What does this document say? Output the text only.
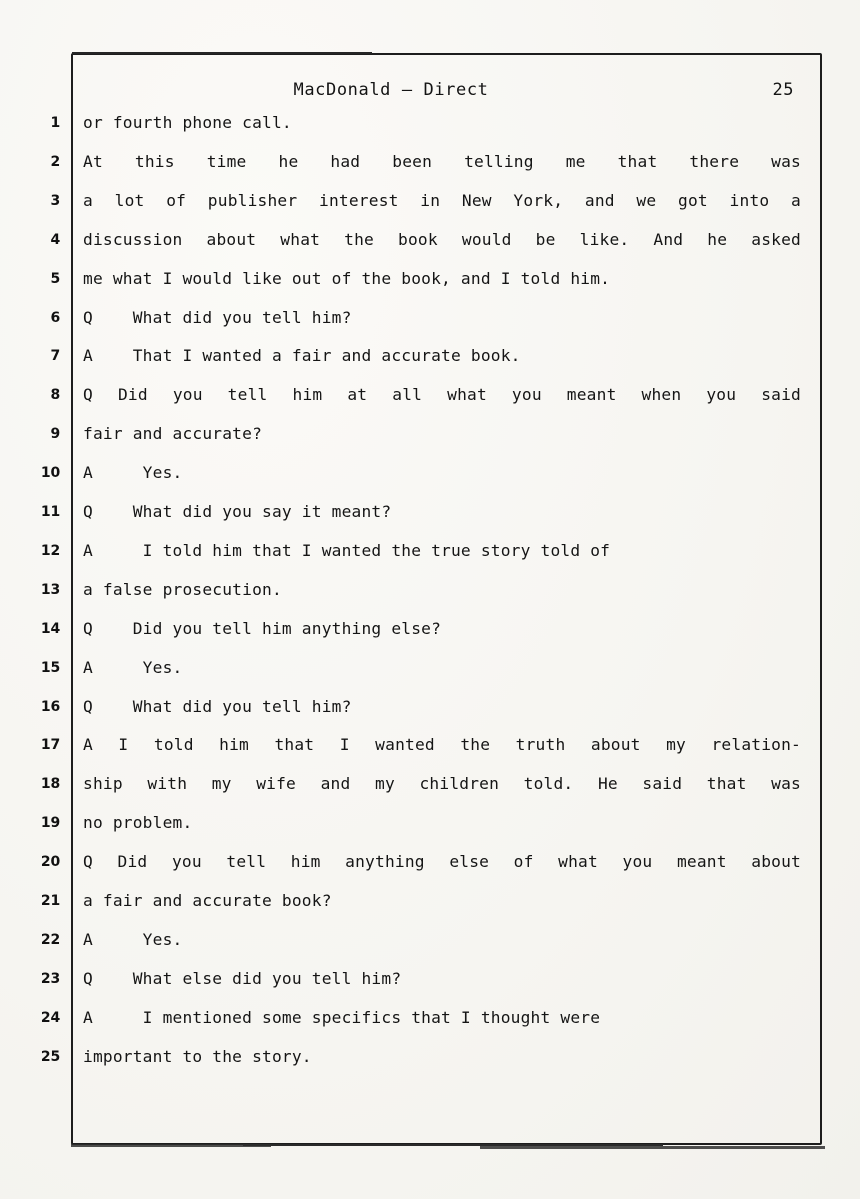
MacDonald – Direct	25
1
2
3
4
5
6
7
8
9
10
11
12
13
14
15
16
17
18
19
20
21
22
23
24
25
or fourth phone call.
At this time he had been telling me that there was
a lot of publisher interest in New York, and we got into a
discussion about what the book would be like. And he asked
me what I would like out of the book, and I told him.
Q    What did you tell him?
A    That I wanted a fair and accurate book.
Q Did you tell him at all what you meant when you said
fair and accurate?
A     Yes.
Q    What did you say it meant?
A     I told him that I wanted the true story told of
a false prosecution.
Q    Did you tell him anything else?
A     Yes.
Q    What did you tell him?
A I told him that I wanted the truth about my relation-
ship with my wife and my children told. He said that was
no problem.
Q Did you tell him anything else of what you meant about
a fair and accurate book?
A     Yes.
Q    What else did you tell him?
A     I mentioned some specifics that I thought were
important to the story.
